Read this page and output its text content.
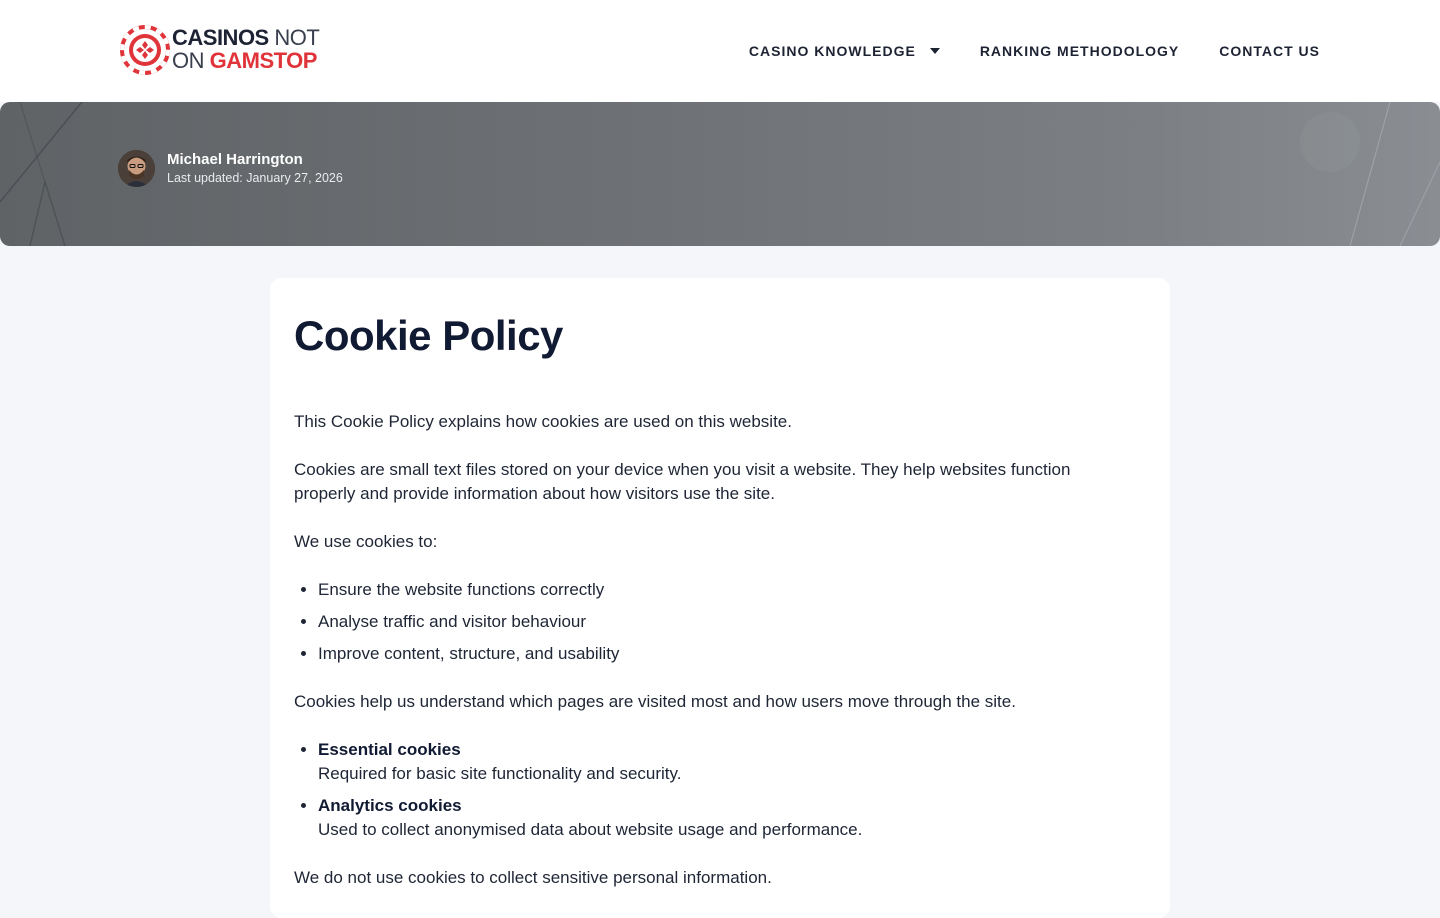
CASINOS NOT
ON GAMSTOP	CASINO KNOWLEDGE	RANKING METHODOLOGY	CONTACT US
Michael Harrington
Last updated: January 27, 2026
Cookie Policy

This Cookie Policy explains how cookies are used on this website.

Cookies are small text files stored on your device when you visit a website. They help websites function properly and provide information about how visitors use the site.

We use cookies to:

• Ensure the website functions correctly
• Analyse traffic and visitor behaviour
• Improve content, structure, and usability

Cookies help us understand which pages are visited most and how users move through the site.

• Essential cookies
Required for basic site functionality and security.
• Analytics cookies
Used to collect anonymised data about website usage and performance.

We do not use cookies to collect sensitive personal information.
